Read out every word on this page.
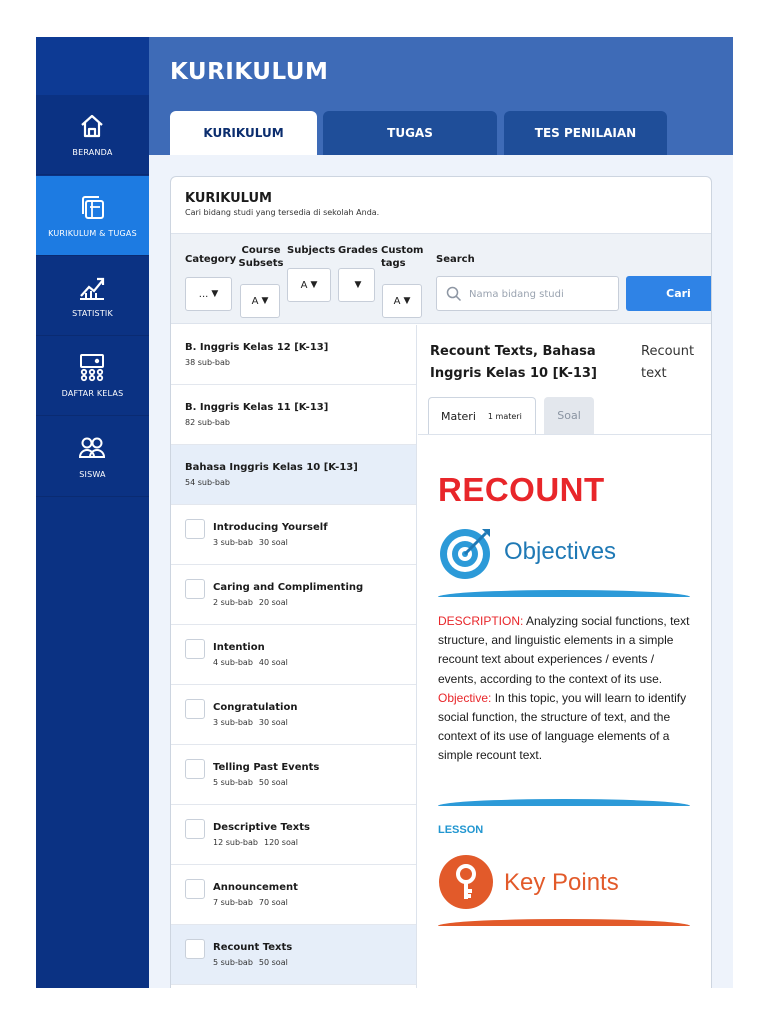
BERANDA
KURIKULUM & TUGAS
STATISTIK
DAFTAR KELAS
SISWA
KURIKULUM
KURIKULUM	TUGAS	TES PENILAIAN
KURIKULUM
Cari bidang studi yang tersedia di sekolah Anda.
Category
... ▼
Course Subsets
A ▼
Subjects
A ▼
Grades
▼
Custom tags
A ▼
Search
Nama bidang studi
Cari
B. Inggris Kelas 12 [K-13]
38 sub-bab
B. Inggris Kelas 11 [K-13]
82 sub-bab
Bahasa Inggris Kelas 10 [K-13]
54 sub-bab
Introducing Yourself
3 sub-bab 30 soal
Caring and Complimenting
2 sub-bab 20 soal
Intention
4 sub-bab 40 soal
Congratulation
3 sub-bab 30 soal
Telling Past Events
5 sub-bab 50 soal
Descriptive Texts
12 sub-bab 120 soal
Announcement
7 sub-bab 70 soal
Recount Texts
5 sub-bab 50 soal
Recount Texts, Bahasa Inggris Kelas 10 [K-13]
Recount text
Materi 1 materi	Soal
RECOUNT
Objectives
DESCRIPTION: Analyzing social functions, text structure, and linguistic elements in a simple recount text about experiences / events / events, according to the context of its use.
Objective: In this topic, you will learn to identify social function, the structure of text, and the context of its use of language elements of a simple recount text.
LESSON
Key Points
